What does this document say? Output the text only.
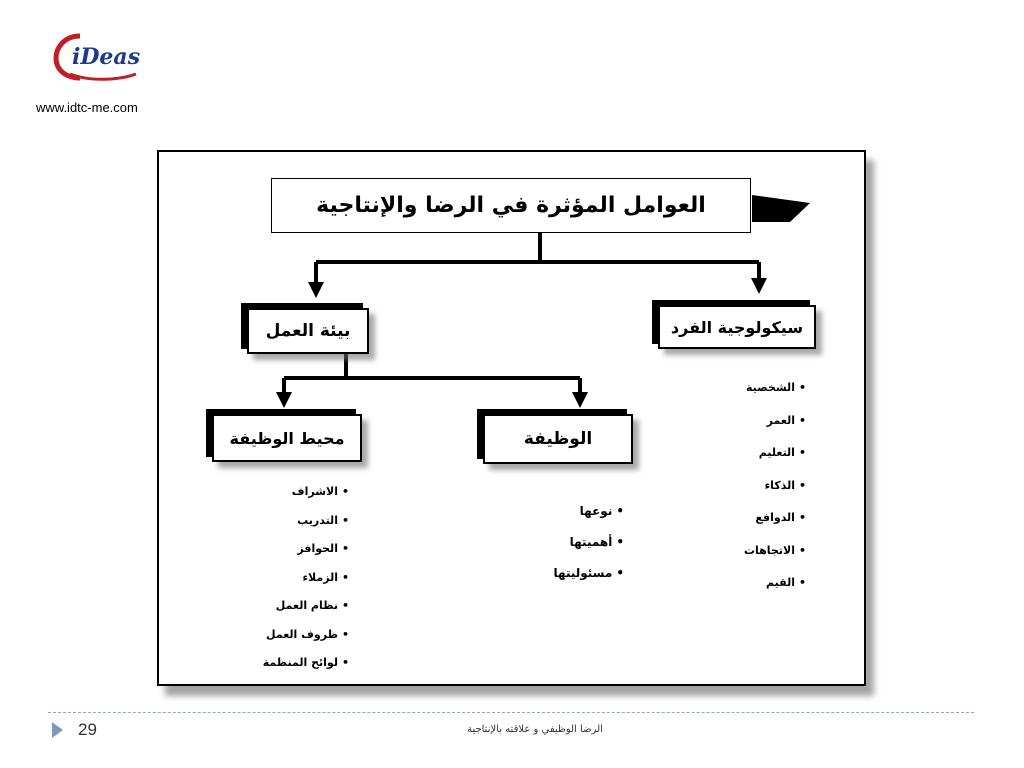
iDeas
www.idtc-me.com
العوامل المؤثرة في الرضا والإنتاجية
سيكولوجية الفرد
بيئة العمل
الوظيفة
محيط الوظيفة
• الشخصية
• العمر
• التعليم
• الذكاء
• الدوافع
• الاتجاهات
• القيم
• نوعها
• أهميتها
• مسئوليتها
• الاشراف
• التدريب
• الحوافز
• الزملاء
• نظام العمل
• ظروف العمل
• لوائح المنظمة
29	الرضا الوظيفي و علاقته بالإنتاجية
